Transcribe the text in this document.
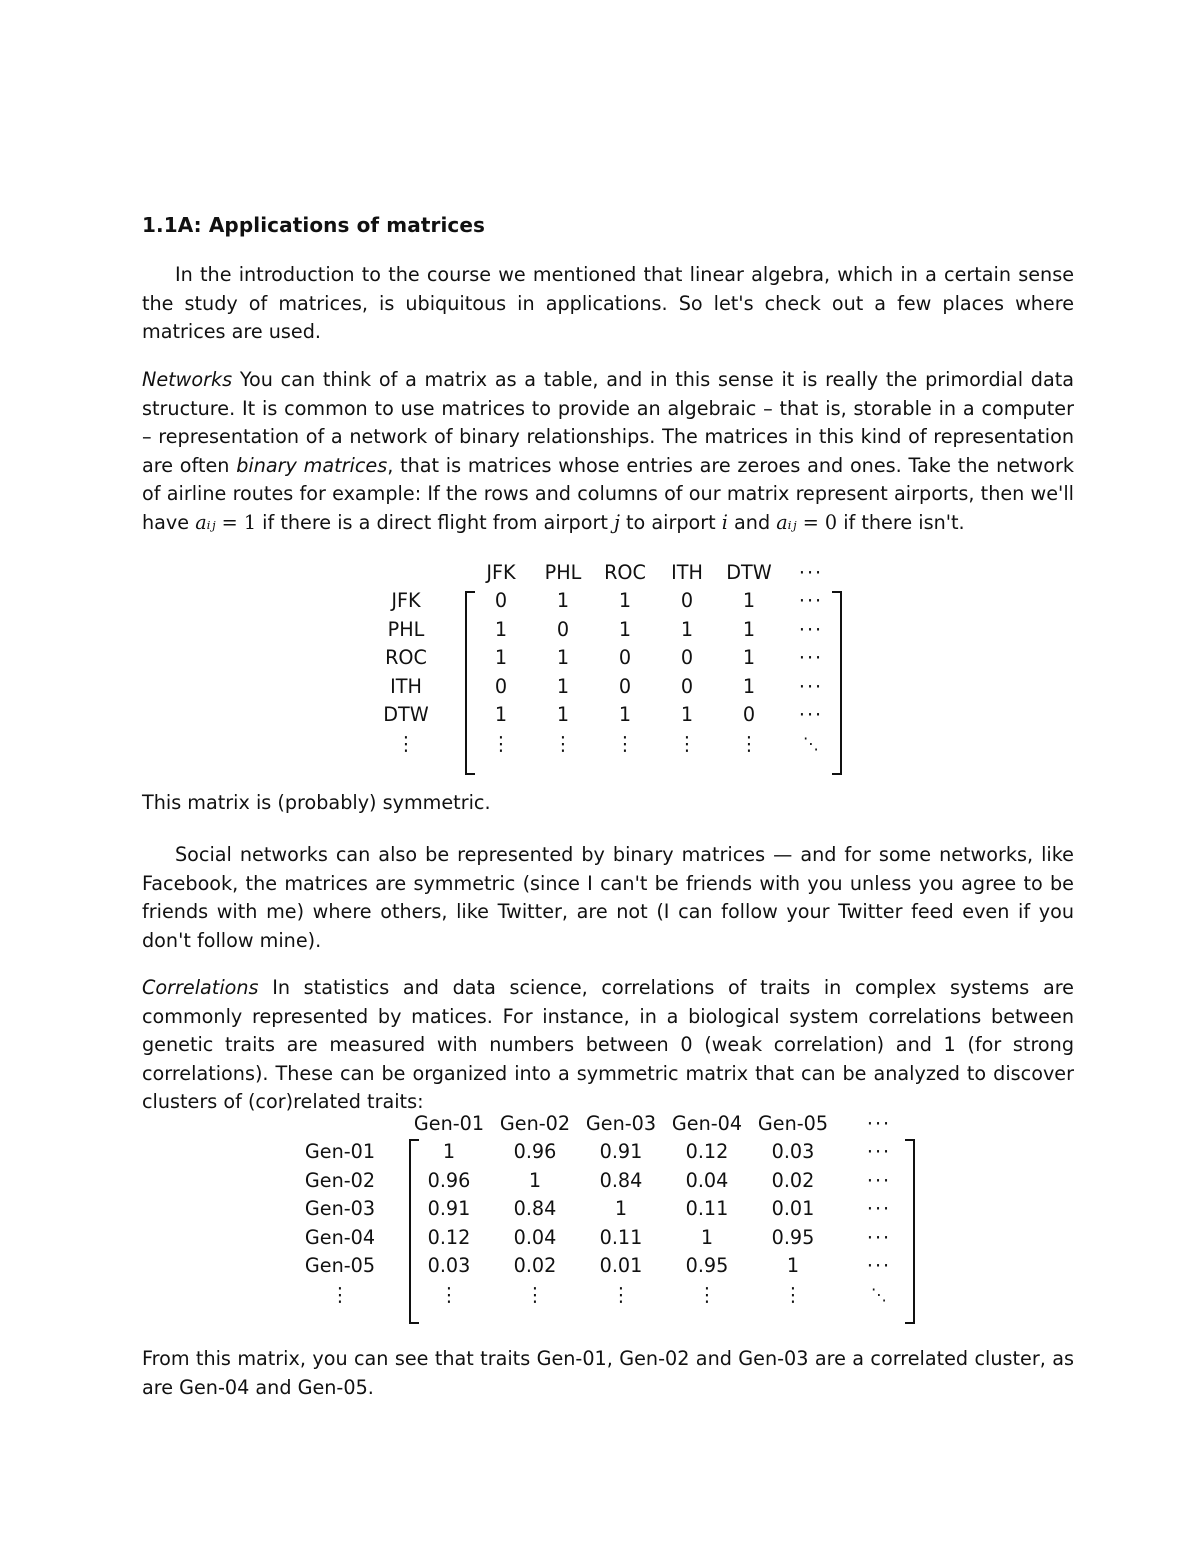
1.1A: Applications of matrices

In the introduction to the course we mentioned that linear algebra, which in a certain sense the study of matrices, is ubiquitous in applications. So let's check out a few places where matrices are used.

Networks You can think of a matrix as a table, and in this sense it is really the primordial data structure. It is common to use matrices to provide an algebraic – that is, storable in a computer – representation of a network of binary relationships. The matrices in this kind of representation are often binary matrices, that is matrices whose entries are zeroes and ones. Take the network of airline routes for example: If the rows and columns of our matrix represent airports, then we'll have aᵢⱼ = 1 if there is a direct flight from airport j to airport i and aᵢⱼ = 0 if there isn't.

		JFK	PHL	ROC	ITH	DTW	···
JFK		0	1	1	0	1	···
PHL		1	0	1	1	1	···
ROC		1	1	0	0	1	···
ITH		0	1	0	0	1	···
DTW		1	1	1	1	0	···
⋮		⋮	⋮	⋮	⋮	⋮	⋱

This matrix is (probably) symmetric.

Social networks can also be represented by binary matrices — and for some networks, like Facebook, the matrices are symmetric (since I can't be friends with you unless you agree to be friends with me) where others, like Twitter, are not (I can follow your Twitter feed even if you don't follow mine).

Correlations In statistics and data science, correlations of traits in complex systems are commonly represented by matices. For instance, in a biological system correlations between genetic traits are measured with numbers between 0 (weak correlation) and 1 (for strong correlations). These can be organized into a symmetric matrix that can be analyzed to discover clusters of (cor)related traits:

		Gen-01	Gen-02	Gen-03	Gen-04	Gen-05	···
Gen-01		1	0.96	0.91	0.12	0.03	···
Gen-02		0.96	1	0.84	0.04	0.02	···
Gen-03		0.91	0.84	1	0.11	0.01	···
Gen-04		0.12	0.04	0.11	1	0.95	···
Gen-05		0.03	0.02	0.01	0.95	1	···
⋮		⋮	⋮	⋮	⋮	⋮	⋱

From this matrix, you can see that traits Gen-01, Gen-02 and Gen-03 are a correlated cluster, as are Gen-04 and Gen-05.
